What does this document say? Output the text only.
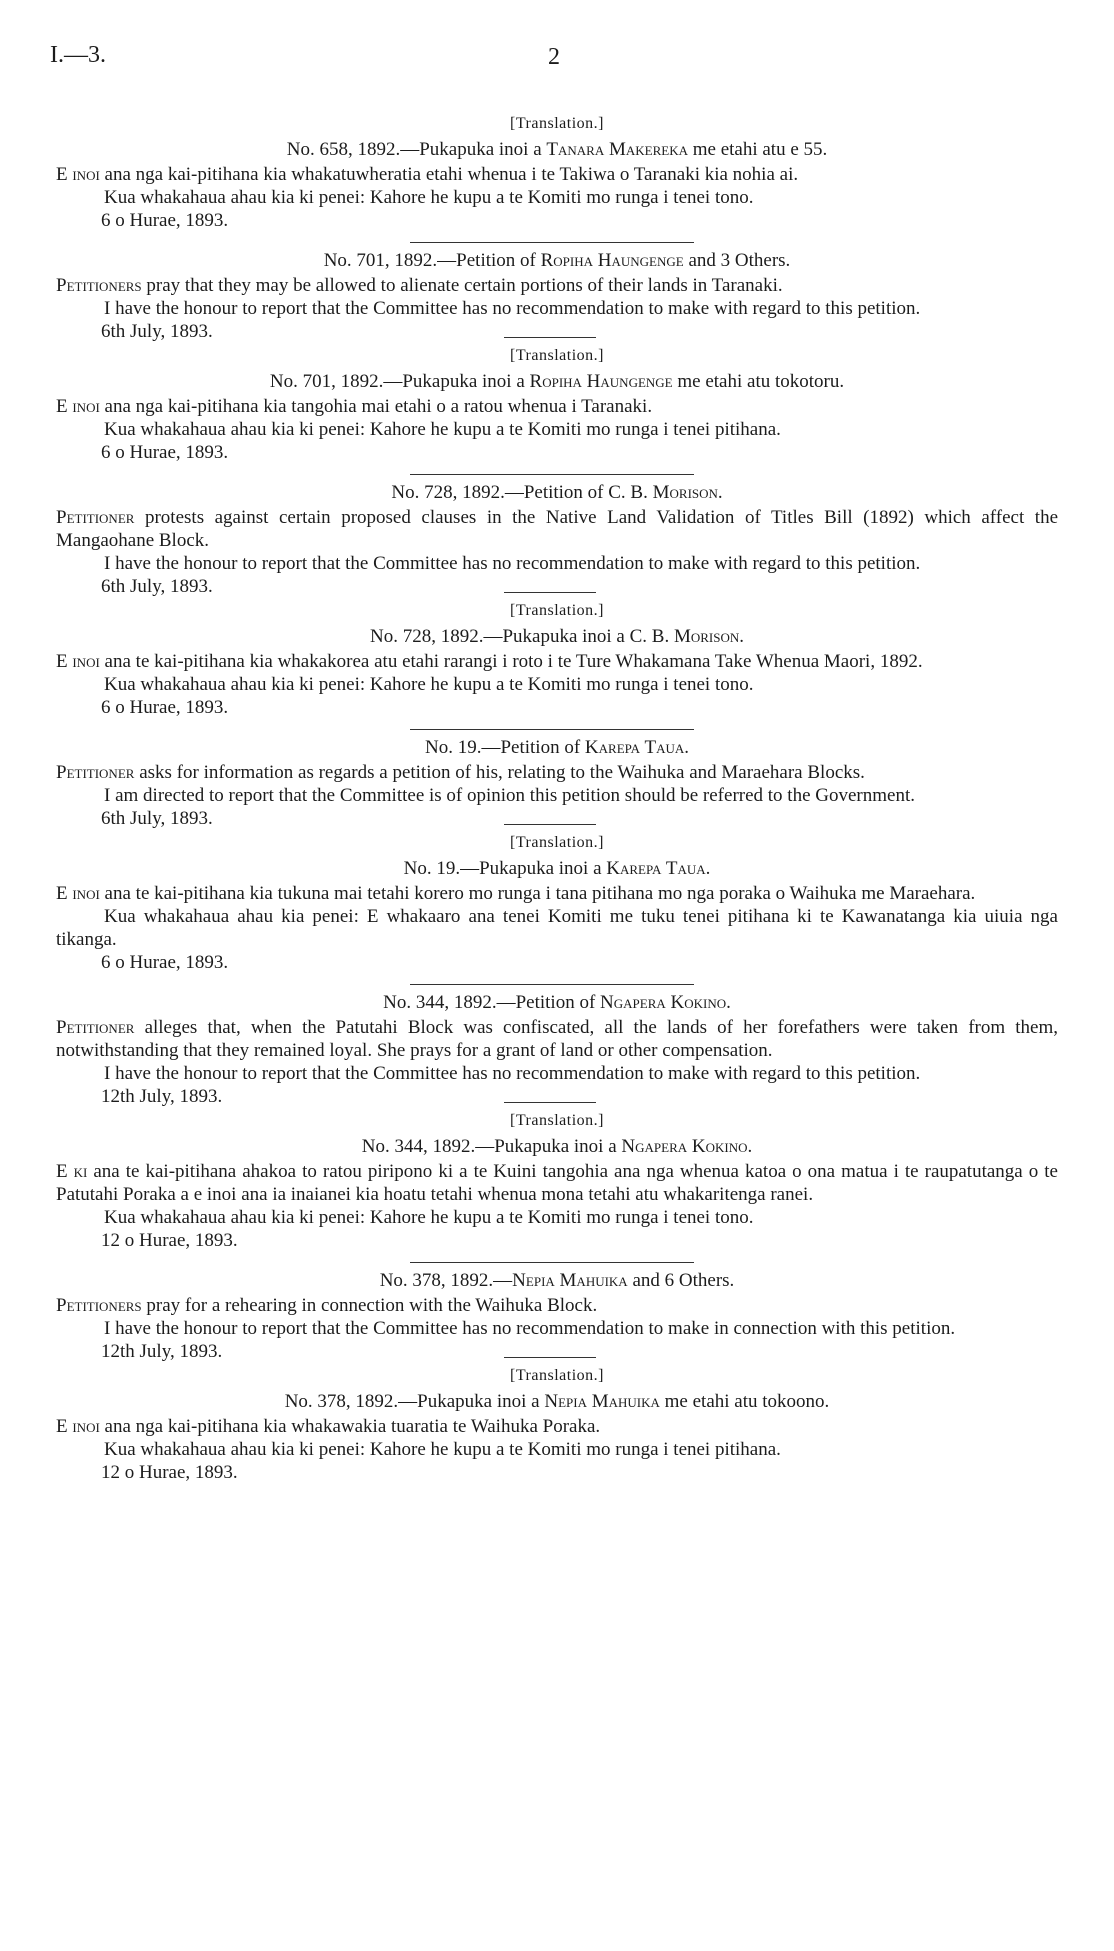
I.—3.	2
[Translation.]
No. 658, 1892.—Pukapuka inoi a Tanara Makereka me etahi atu e 55.
E inoi ana nga kai-pitihana kia whakatuwheratia etahi whenua i te Takiwa o Taranaki kia nohia ai.
Kua whakahaua ahau kia ki penei: Kahore he kupu a te Komiti mo runga i tenei tono.
6 o Hurae, 1893.
No. 701, 1892.—Petition of Ropiha Haungenge and 3 Others.
Petitioners pray that they may be allowed to alienate certain portions of their lands in Taranaki.
I have the honour to report that the Committee has no recommendation to make with regard to this petition.
6th July, 1893.
[Translation.]
No. 701, 1892.—Pukapuka inoi a Ropiha Haungenge me etahi atu tokotoru.
E inoi ana nga kai-pitihana kia tangohia mai etahi o a ratou whenua i Taranaki.
Kua whakahaua ahau kia ki penei: Kahore he kupu a te Komiti mo runga i tenei pitihana.
6 o Hurae, 1893.
No. 728, 1892.—Petition of C. B. Morison.
Petitioner protests against certain proposed clauses in the Native Land Validation of Titles Bill (1892) which affect the Mangaohane Block.
I have the honour to report that the Committee has no recommendation to make with regard to this petition.
6th July, 1893.
[Translation.]
No. 728, 1892.—Pukapuka inoi a C. B. Morison.
E inoi ana te kai-pitihana kia whakakorea atu etahi rarangi i roto i te Ture Whakamana Take Whenua Maori, 1892.
Kua whakahaua ahau kia ki penei: Kahore he kupu a te Komiti mo runga i tenei tono.
6 o Hurae, 1893.
No. 19.—Petition of Karepa Taua.
Petitioner asks for information as regards a petition of his, relating to the Waihuka and Maraehara Blocks.
I am directed to report that the Committee is of opinion this petition should be referred to the Government.
6th July, 1893.
[Translation.]
No. 19.—Pukapuka inoi a Karepa Taua.
E inoi ana te kai-pitihana kia tukuna mai tetahi korero mo runga i tana pitihana mo nga poraka o Waihuka me Maraehara.
Kua whakahaua ahau kia penei: E whakaaro ana tenei Komiti me tuku tenei pitihana ki te Kawanatanga kia uiuia nga tikanga.
6 o Hurae, 1893.
No. 344, 1892.—Petition of Ngapera Kokino.
Petitioner alleges that, when the Patutahi Block was confiscated, all the lands of her forefathers were taken from them, notwithstanding that they remained loyal. She prays for a grant of land or other compensation.
I have the honour to report that the Committee has no recommendation to make with regard to this petition.
12th July, 1893.
[Translation.]
No. 344, 1892.—Pukapuka inoi a Ngapera Kokino.
E ki ana te kai-pitihana ahakoa to ratou piripono ki a te Kuini tangohia ana nga whenua katoa o ona matua i te raupatutanga o te Patutahi Poraka a e inoi ana ia inaianei kia hoatu tetahi whenua mona tetahi atu whakaritenga ranei.
Kua whakahaua ahau kia ki penei: Kahore he kupu a te Komiti mo runga i tenei tono.
12 o Hurae, 1893.
No. 378, 1892.—Nepia Mahuika and 6 Others.
Petitioners pray for a rehearing in connection with the Waihuka Block.
I have the honour to report that the Committee has no recommendation to make in connection with this petition.
12th July, 1893.
[Translation.]
No. 378, 1892.—Pukapuka inoi a Nepia Mahuika me etahi atu tokoono.
E inoi ana nga kai-pitihana kia whakawakia tuaratia te Waihuka Poraka.
Kua whakahaua ahau kia ki penei: Kahore he kupu a te Komiti mo runga i tenei pitihana.
12 o Hurae, 1893.
